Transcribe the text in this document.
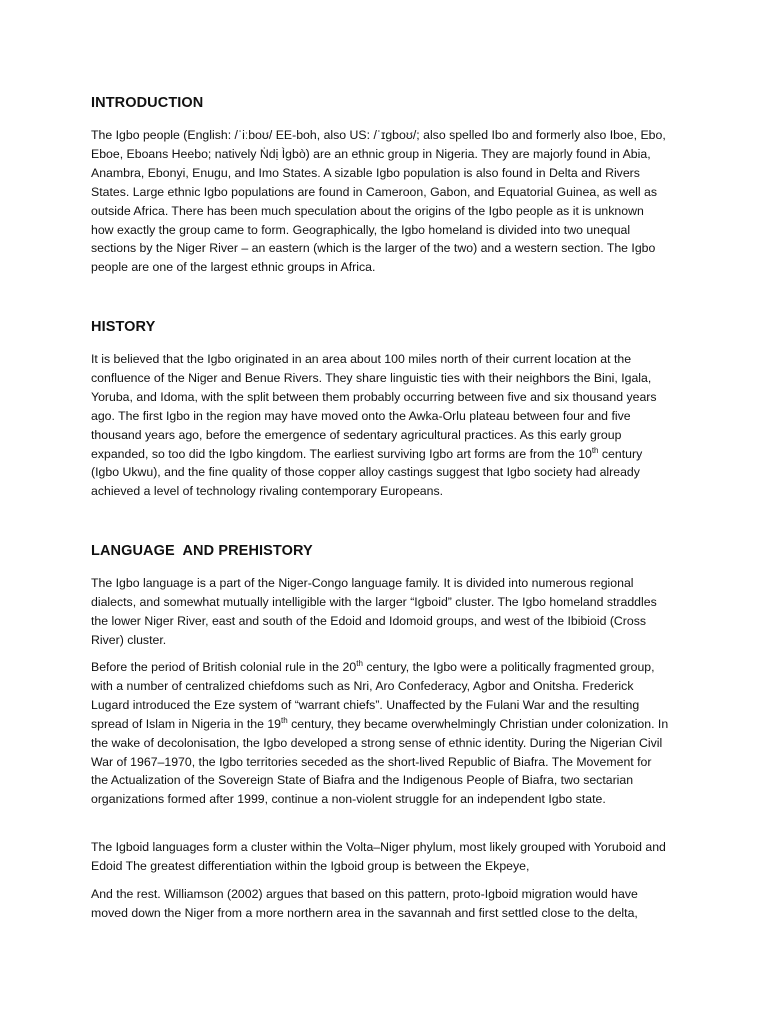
INTRODUCTION

The Igbo people (English: /ˈiːboʊ/ EE-boh, also US: /ˈɪɡboʊ/; also spelled Ibo and formerly also Iboe, Ebo, Eboe, Eboans Heebo; natively Ṅdị Ìgbò) are an ethnic group in Nigeria. They are majorly found in Abia, Anambra, Ebonyi, Enugu, and Imo States. A sizable Igbo population is also found in Delta and Rivers States. Large ethnic Igbo populations are found in Cameroon, Gabon, and Equatorial Guinea, as well as outside Africa. There has been much speculation about the origins of the Igbo people as it is unknown how exactly the group came to form. Geographically, the Igbo homeland is divided into two unequal sections by the Niger River – an eastern (which is the larger of the two) and a western section. The Igbo people are one of the largest ethnic groups in Africa.

HISTORY

It is believed that the Igbo originated in an area about 100 miles north of their current location at the confluence of the Niger and Benue Rivers. They share linguistic ties with their neighbors the Bini, Igala, Yoruba, and Idoma, with the split between them probably occurring between five and six thousand years ago. The first Igbo in the region may have moved onto the Awka-Orlu plateau between four and five thousand years ago, before the emergence of sedentary agricultural practices. As this early group expanded, so too did the Igbo kingdom. The earliest surviving Igbo art forms are from the 10th century (Igbo Ukwu), and the fine quality of those copper alloy castings suggest that Igbo society had already achieved a level of technology rivaling contemporary Europeans.

LANGUAGE  AND PREHISTORY

The Igbo language is a part of the Niger-Congo language family. It is divided into numerous regional dialects, and somewhat mutually intelligible with the larger “Igboid” cluster. The Igbo homeland straddles the lower Niger River, east and south of the Edoid and Idomoid groups, and west of the Ibibioid (Cross River) cluster.

Before the period of British colonial rule in the 20th century, the Igbo were a politically fragmented group, with a number of centralized chiefdoms such as Nri, Aro Confederacy, Agbor and Onitsha. Frederick Lugard introduced the Eze system of “warrant chiefs”. Unaffected by the Fulani War and the resulting spread of Islam in Nigeria in the 19th century, they became overwhelmingly Christian under colonization. In the wake of decolonisation, the Igbo developed a strong sense of ethnic identity. During the Nigerian Civil War of 1967–1970, the Igbo territories seceded as the short-lived Republic of Biafra. The Movement for the Actualization of the Sovereign State of Biafra and the Indigenous People of Biafra, two sectarian organizations formed after 1999, continue a non-violent struggle for an independent Igbo state.

The Igboid languages form a cluster within the Volta–Niger phylum, most likely grouped with Yoruboid and Edoid The greatest differentiation within the Igboid group is between the Ekpeye,

And the rest. Williamson (2002) argues that based on this pattern, proto-Igboid migration would have moved down the Niger from a more northern area in the savannah and first settled close to the delta,
